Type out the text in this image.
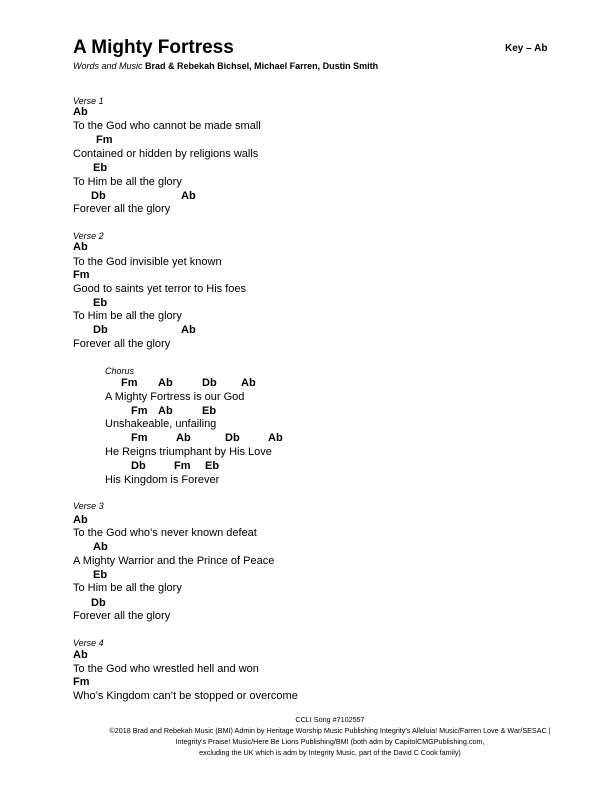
A Mighty Fortress	Key – Ab
Words and Music Brad & Rebekah Bichsel, Michael Farren, Dustin Smith
Verse 1
Ab
To the God who cannot be made small
Fm
Contained or hidden by religions walls
Eb
To Him be all the glory
Db	Ab
Forever all the glory
Verse 2
Ab
To the God invisible yet known
Fm
Good to saints yet terror to His foes
Eb
To Him be all the glory
Db	Ab
Forever all the glory
Chorus
Fm Ab	Db Ab
A Mighty Fortress is our God
Fm Ab	Eb
Unshakeable, unfailing
Fm	Ab	Db	Ab
He Reigns triumphant by His Love
Db	Fm Eb
His Kingdom is Forever
Verse 3
Ab
To the God who’s never known defeat
Ab
A Mighty Warrior and the Prince of Peace
Eb
To Him be all the glory
Db
Forever all the glory
Verse 4
Ab
To the God who wrestled hell and won
Fm
Who’s Kingdom can’t be stopped or overcome
CCLI Song #7102557
©2018 Brad and Rebekah Music (BMI) Admin by Heritage Worship Music Publishing Integrity's Alleluia! Music/Farren Love & War/SESAC |
Integrity's Praise! Music/Here Be Lions Publishing/BMI (both adm by CapitolCMGPublishing.com,
excluding the UK which is adm by Integrity Music, part of the David C Cook family)
